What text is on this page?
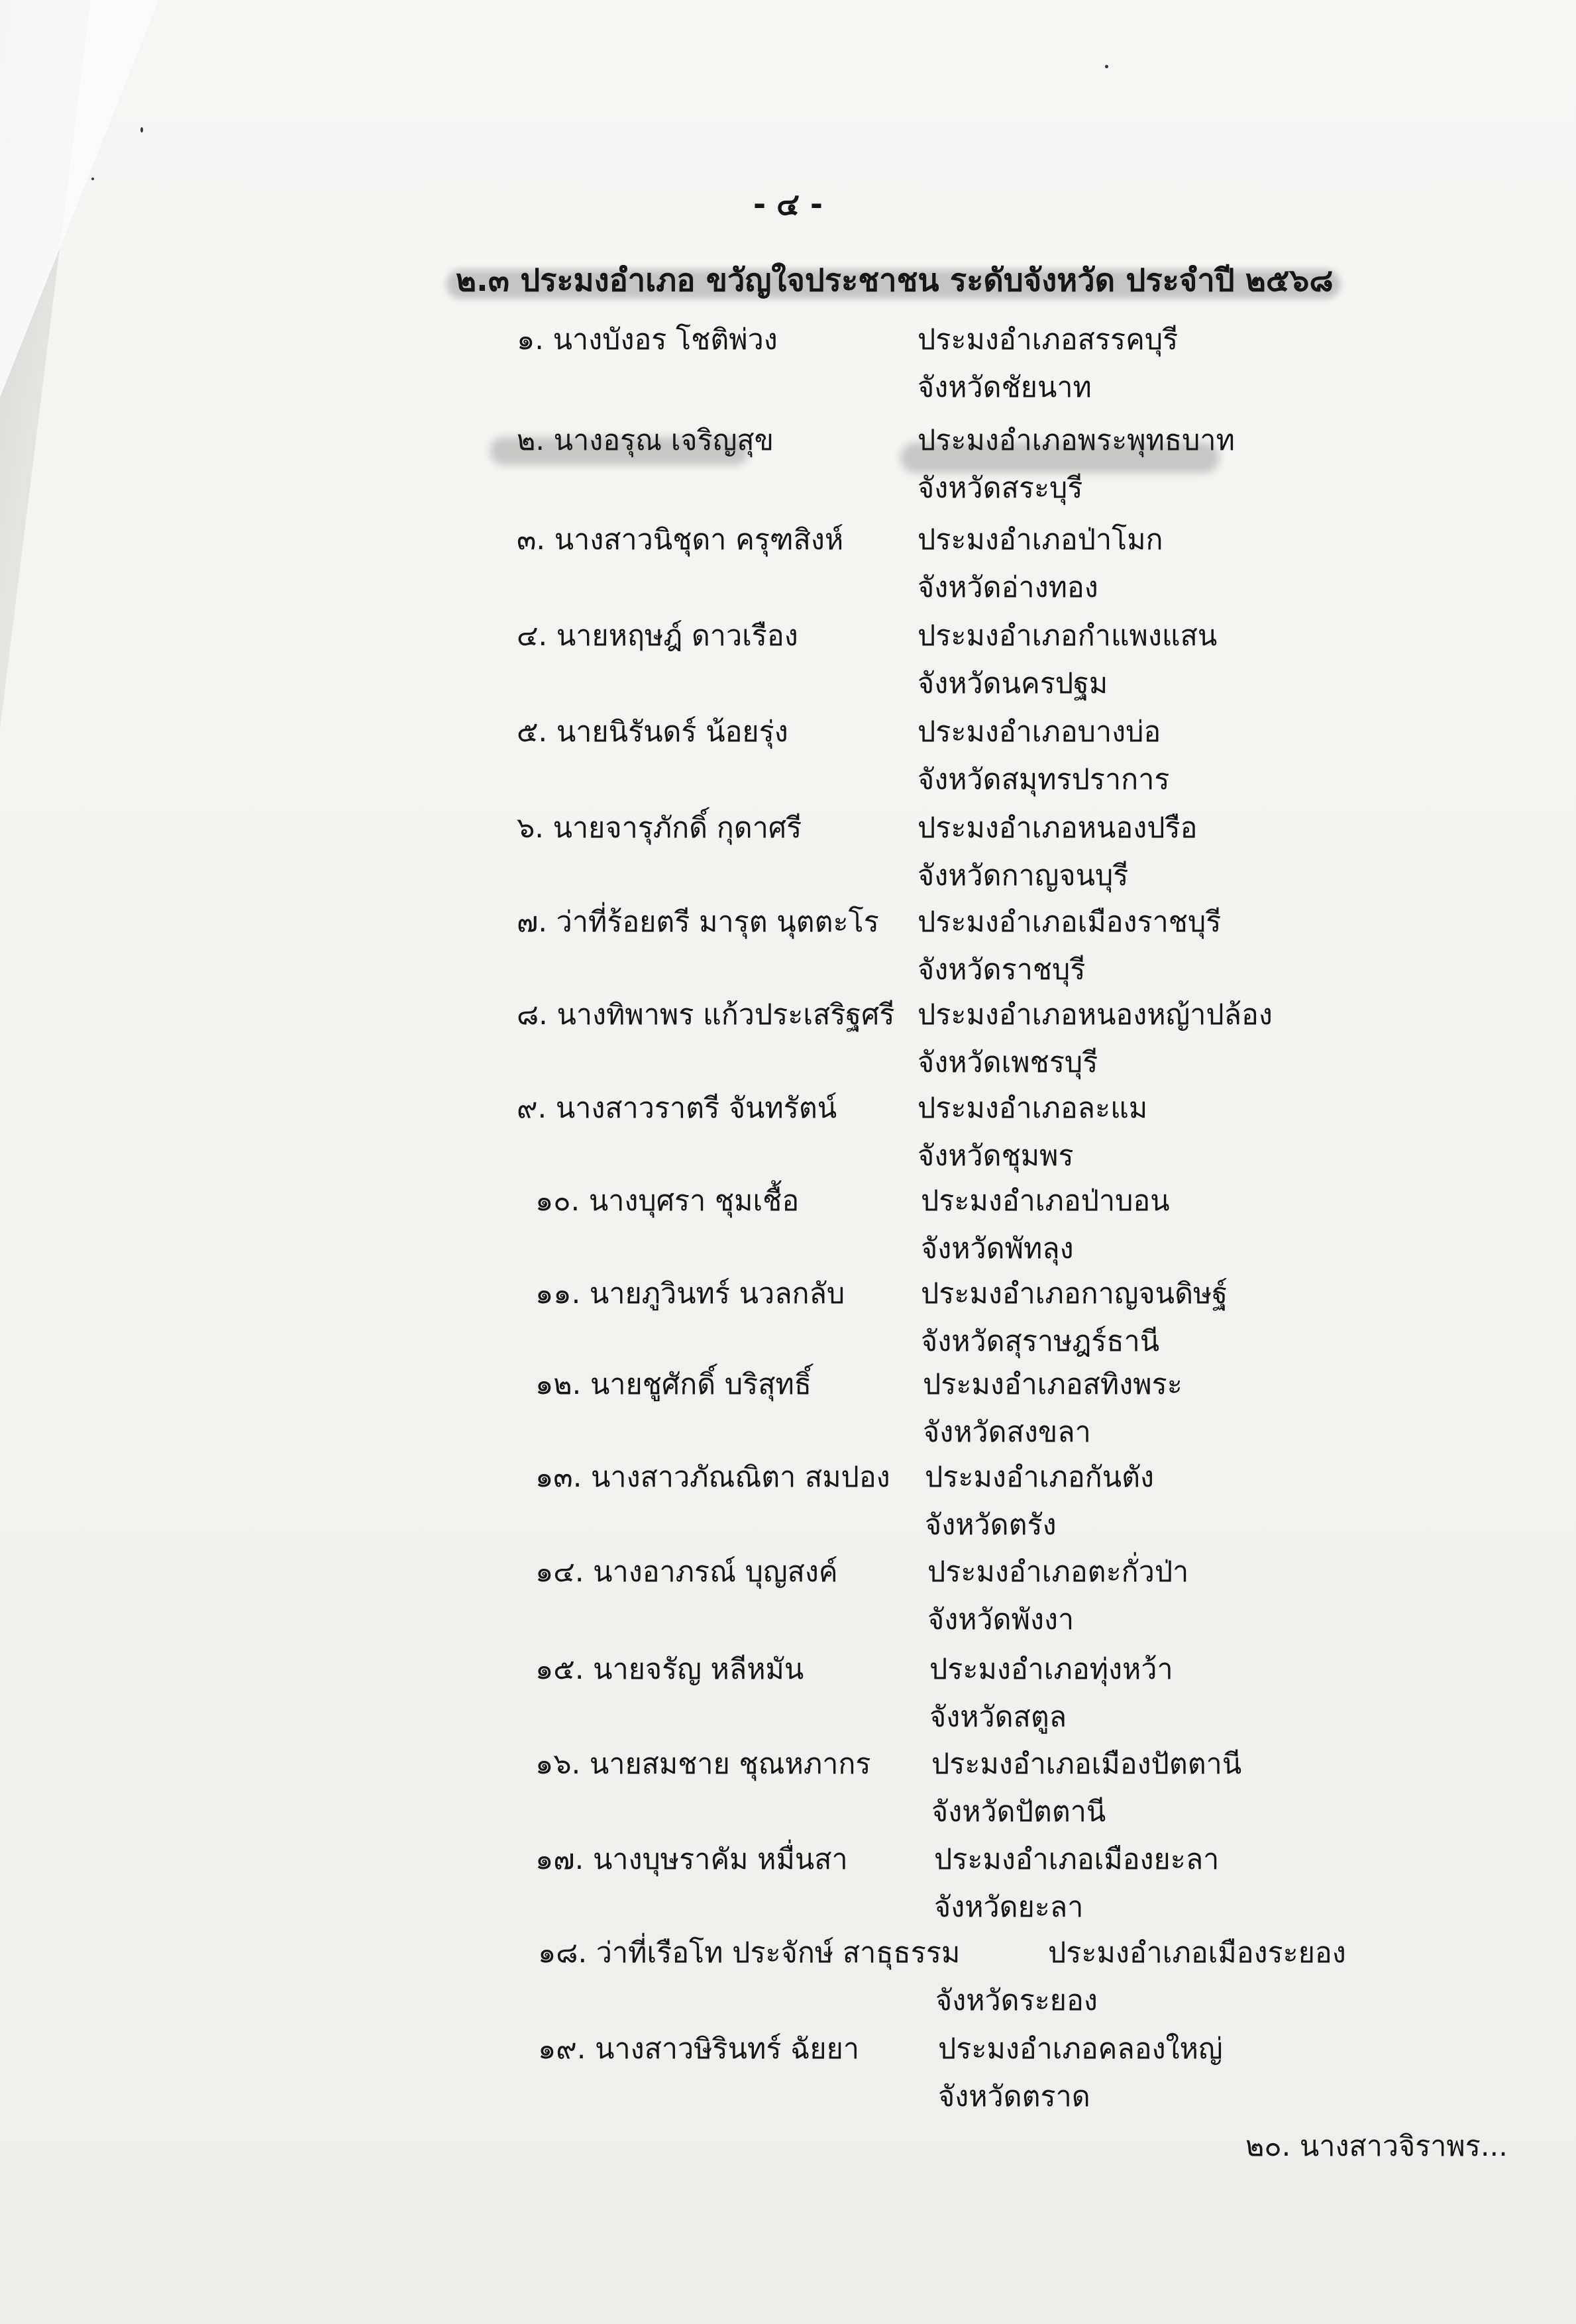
- ๔ -
๒.๓ ประมงอำเภอ ขวัญใจประชาชน ระดับจังหวัด ประจำปี ๒๕๖๘
๑. นางบังอร โชติพ่วง	ประมงอำเภอสรรคบุรี
จังหวัดชัยนาท
๒. นางอรุณ เจริญสุข	ประมงอำเภอพระพุทธบาท
จังหวัดสระบุรี
๓. นางสาวนิชุดา ครุฑสิงห์	ประมงอำเภอป่าโมก
จังหวัดอ่างทอง
๔. นายหฤษฎ์ ดาวเรือง	ประมงอำเภอกำแพงแสน
จังหวัดนครปฐม
๕. นายนิรันดร์ น้อยรุ่ง	ประมงอำเภอบางบ่อ
จังหวัดสมุทรปราการ
๖. นายจารุภักดิ์ กุดาศรี	ประมงอำเภอหนองปรือ
จังหวัดกาญจนบุรี
๗. ว่าที่ร้อยตรี มารุต นุตตะโร ประมงอำเภอเมืองราชบุรี
จังหวัดราชบุรี
๘. นางทิพาพร แก้วประเสริฐศรี ประมงอำเภอหนองหญ้าปล้อง
จังหวัดเพชรบุรี
๙. นางสาวราตรี จันทรัตน์	ประมงอำเภอละแม
จังหวัดชุมพร
๑๐. นางบุศรา ชุมเชื้อ	ประมงอำเภอป่าบอน
จังหวัดพัทลุง
๑๑. นายภูวินทร์ นวลกลับ	ประมงอำเภอกาญจนดิษฐ์
จังหวัดสุราษฎร์ธานี
๑๒. นายชูศักดิ์ บริสุทธิ์	ประมงอำเภอสทิงพระ
จังหวัดสงขลา
๑๓. นางสาวภัณณิตา สมปอง ประมงอำเภอกันตัง
จังหวัดตรัง
๑๔. นางอาภรณ์ บุญสงค์	ประมงอำเภอตะกั่วป่า
จังหวัดพังงา
๑๕. นายจรัญ หลีหมัน	ประมงอำเภอทุ่งหว้า
จังหวัดสตูล
๑๖. นายสมชาย ชุณหภากร ประมงอำเภอเมืองปัตตานี
จังหวัดปัตตานี
๑๗. นางบุษราคัม หมื่นสา	ประมงอำเภอเมืองยะลา
จังหวัดยะลา
๑๘. ว่าที่เรือโท ประจักษ์ สาธุธรรม	ประมงอำเภอเมืองระยอง
จังหวัดระยอง
๑๙. นางสาวษิรินทร์ ฉัยยา	ประมงอำเภอคลองใหญ่
จังหวัดตราด
๒๐. นางสาวจิราพร...
